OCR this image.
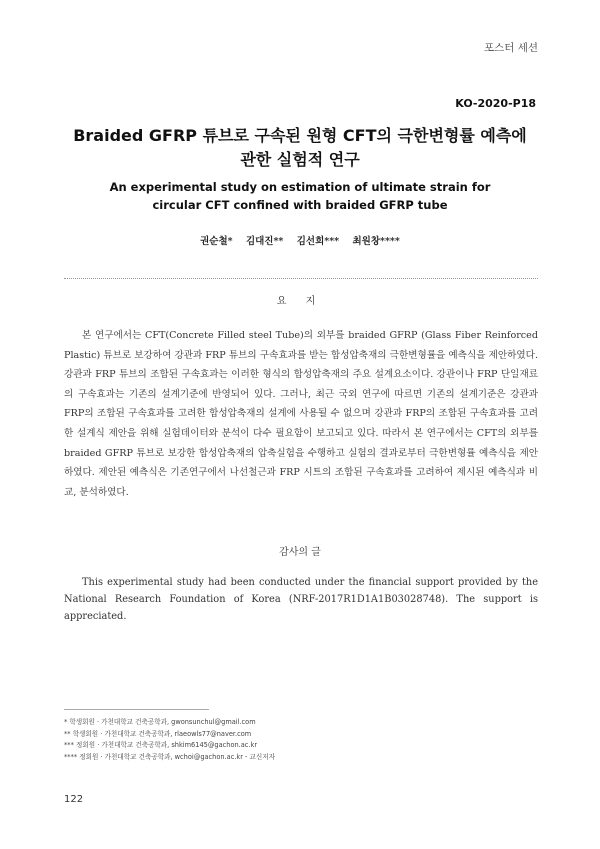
포스터 세션
KO-2020-P18
Braided GFRP 튜브로 구속된 원형 CFT의 극한변형률 예측에
관한 실험적 연구
An experimental study on estimation of ultimate strain for
circular CFT confined with braided GFRP tube
권순철* 김대진** 김선희*** 최원창****
요 지
본 연구에서는 CFT(Concrete Filled steel Tube)의 외부를 braided GFRP (Glass Fiber Reinforced Plastic) 튜브로 보강하여 강관과 FRP 튜브의 구속효과를 받는 합성압축재의 극한변형률을 예측식을 제안하였다. 강관과 FRP 튜브의 조합된 구속효과는 이러한 형식의 합성압축재의 주요 설계요소이다. 강관이나 FRP 단일재료의 구속효과는 기존의 설계기준에 반영되어 있다. 그러나, 최근 국외 연구에 따르면 기존의 설계기준은 강관과 FRP의 조합된 구속효과를 고려한 합성압축재의 설계에 사용될 수 없으며 강관과 FRP의 조합된 구속효과를 고려한 설계식 제안을 위해 실험데이터와 분석이 다수 필요함이 보고되고 있다. 따라서 본 연구에서는 CFT의 외부를 braided GFRP 튜브로 보강한 합성압축재의 압축실험을 수행하고 실험의 결과로부터 극한변형률 예측식을 제안하였다. 제안된 예측식은 기존연구에서 나선철근과 FRP 시트의 조합된 구속효과를 고려하여 제시된 예측식과 비교, 분석하였다.
감사의 글
This experimental study had been conducted under the financial support provided by the National Research Foundation of Korea (NRF-2017R1D1A1B03028748). The support is appreciated.
* 학생회원 · 가천대학교 건축공학과, gwonsunchul@gmail.com
** 학생회원 · 가천대학교 건축공학과, rlaeowls77@naver.com
*** 정회원 · 가천대학교 건축공학과, shkim6145@gachon.ac.kr
**** 정회원 · 가천대학교 건축공학과, wchoi@gachon.ac.kr - 교신저자
122
